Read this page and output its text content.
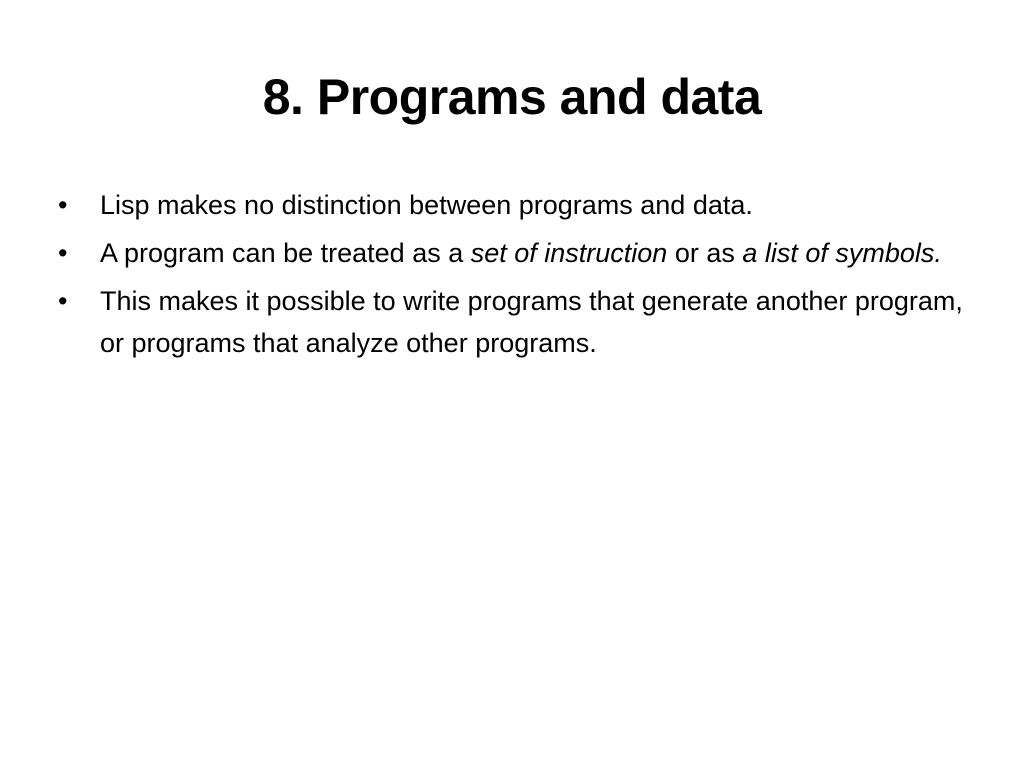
8. Programs and data
•	Lisp makes no distinction between programs and data.
•	A program can be treated as a set of instruction or as a list of symbols.
•	This makes it possible to write programs that generate another program, or programs that analyze other programs.
